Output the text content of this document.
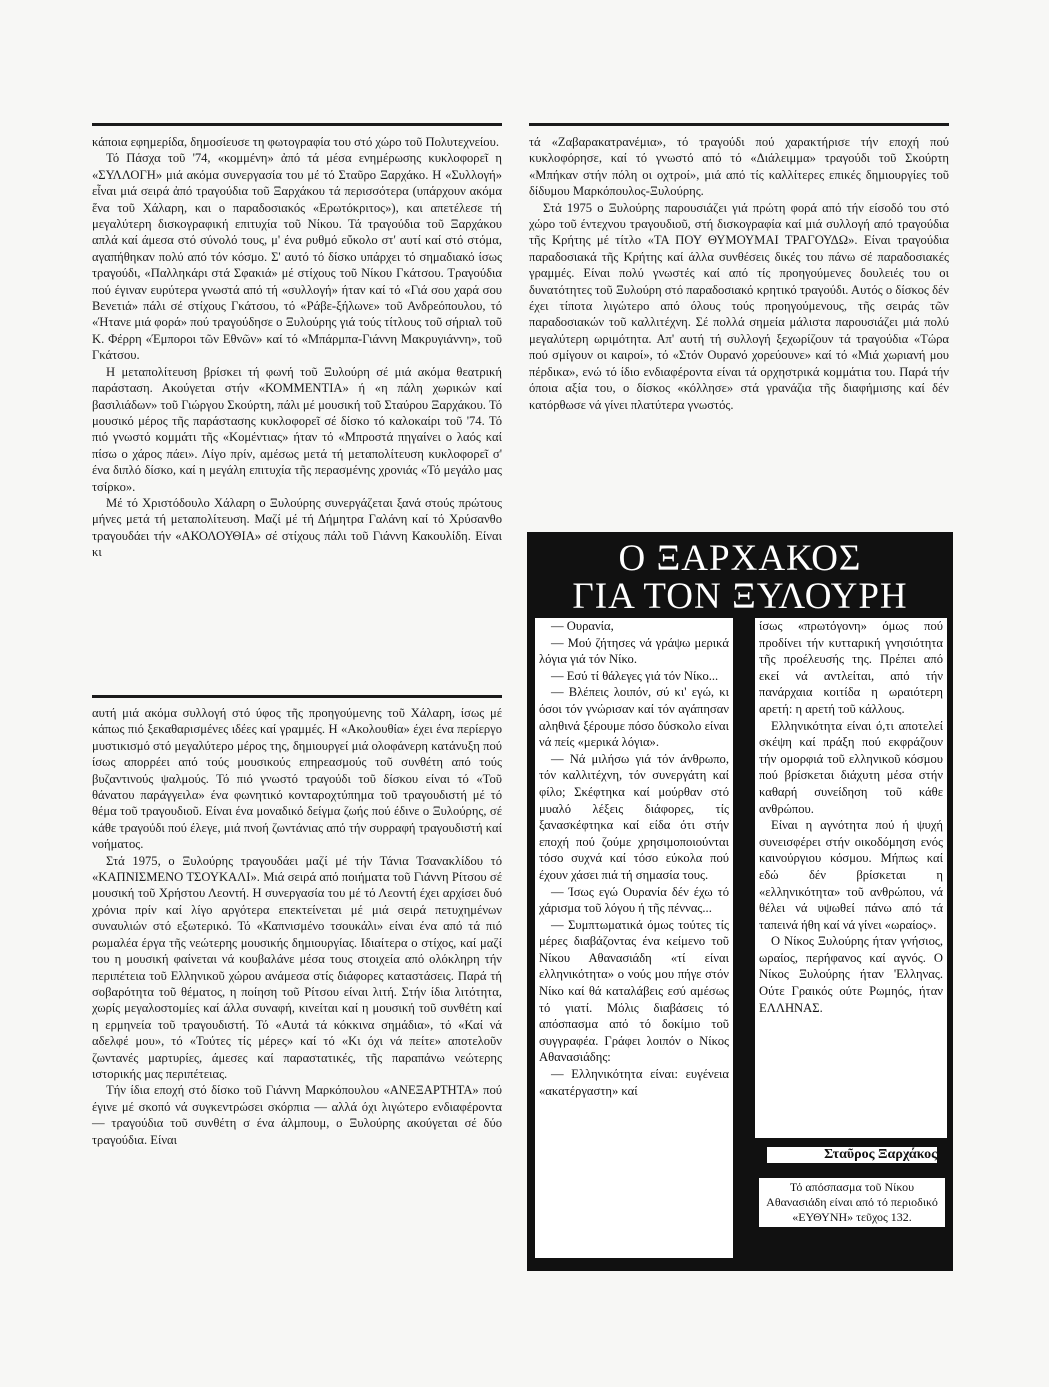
κάποια εφημερίδα, δημοσίευσε τη φωτογραφία του στό χώρο τοῦ Πολυτεχνείου.

Τό Πάσχα τοῦ '74, «κομμένη» ἀπό τά μέσα ενημέρωσης κυκλοφορεῖ η «ΣΥΛΛΟΓΗ» μιά ακόμα συνεργασία του μέ τό Σταῦρο Ξαρχάκο. Η «Συλλογή» εἶναι μιά σειρά ἀπό τραγούδια τοῦ Ξαρχάκου τά περισσότερα (υπάρχουν ακόμα ἕνα τοῦ Χάλαρη, και ο παραδοσιακός «Ερωτόκριτος»), και απετέλεσε τή μεγαλύτερη δισκογραφική επιτυχία τοῦ Νίκου. Τά τραγούδια τοῦ Ξαρχάκου απλά καί άμεσα στό σύνολό τους, μ' ένα ρυθμό εὔκολο στ' αυτί καί στό στόμα, αγαπήθηκαν πολύ από τόν κόσμο. Σ' αυτό τό δίσκο υπάρχει τό σημαδιακό ίσως τραγούδι, «Παλληκάρι στά Σφακιά» μέ στίχους τοῦ Νίκου Γκάτσου. Τραγούδια πού έγιναν ευρύτερα γνωστά από τή «συλλογή» ήταν καί τό «Γιά σου χαρά σου Βενετιά» πάλι σέ στίχους Γκάτσου, τό «Ράβε-ξήλωνε» τοῦ Ανδρεόπουλου, τό «Ήτανε μιά φορά» πού τραγούδησε ο Ξυλούρης γιά τούς τίτλους τοῦ σήριαλ τοῦ Κ. Φέρρη «Έμποροι τῶν Εθνῶν» καί τό «Μπάρμπα-Γιάννη Μακρυγιάννη», τοῦ Γκάτσου.

Η μεταπολίτευση βρίσκει τή φωνή τοῦ Ξυλούρη σέ μιά ακόμα θεατρική παράσταση. Ακούγεται στήν «ΚΟΜΜΕΝΤΙΑ» ή «η πάλη χωρικών καί βασιλιάδων» τοῦ Γιώργου Σκούρτη, πάλι μέ μουσική τοῦ Σταύρου Ξαρχάκου. Τό μουσικό μέρος τῆς παράστασης κυκλοφορεῖ σέ δίσκο τό καλοκαίρι τοῦ '74. Τό πιό γνωστό κομμάτι τῆς «Κομέντιας» ήταν τό «Μπροστά πηγαίνει ο λαός καί πίσω ο χάρος πάει». Λίγο πρίν, αμέσως μετά τή μεταπολίτευση κυκλοφορεῖ σ' ένα διπλό δίσκο, καί η μεγάλη επιτυχία τῆς περασμένης χρονιάς «Τό μεγάλο μας τσίρκο».

Μέ τό Χριστόδουλο Χάλαρη ο Ξυλούρης συνεργάζεται ξανά στούς πρώτους μήνες μετά τή μεταπολίτευση. Μαζί μέ τή Δήμητρα Γαλάνη καί τό Χρύσανθο τραγουδάει τήν «ΑΚΟΛΟΥΘΙΑ» σέ στίχους πάλι τοῦ Γιάννη Κακουλίδη. Είναι κι

αυτή μιά ακόμα συλλογή στό ύφος τῆς προηγούμενης τοῦ Χάλαρη, ίσως μέ κάπως πιό ξεκαθαρισμένες ιδέες καί γραμμές. Η «Ακολουθία» έχει ένα περίεργο μυστικισμό στό μεγαλύτερο μέρος της, δημιουργεί μιά ολοφάνερη κατάνυξη πού ίσως απορρέει από τούς μουσικούς επηρεασμούς τοῦ συνθέτη από τούς βυζαντινούς ψαλμούς. Τό πιό γνωστό τραγούδι τοῦ δίσκου είναι τό «Τοῦ θάνατου παράγγειλα» ένα φωνητικό κονταροχτύπημα τοῦ τραγουδιστή μέ τό θέμα τοῦ τραγουδιοῦ. Είναι ένα μοναδικό δείγμα ζωής πού έδινε ο Ξυλούρης, σέ κάθε τραγούδι πού έλεγε, μιά πνοή ζωντάνιας από τήν συρραφή τραγουδιστή καί νοήματος.

Στά 1975, ο Ξυλούρης τραγουδάει μαζί μέ τήν Τάνια Τσανακλίδου τό «ΚΑΠΝΙΣΜΕΝΟ ΤΣΟΥΚΑΛΙ». Μιά σειρά από ποιήματα τοῦ Γιάννη Ρίτσου σέ μουσική τοῦ Χρήστου Λεοντή. Η συνεργασία του μέ τό Λεοντή έχει αρχίσει δυό χρόνια πρίν καί λίγο αργότερα επεκτείνεται μέ μιά σειρά πετυχημένων συναυλιών στό εξωτερικό. Τό «Καπνισμένο τσουκάλι» είναι ένα από τά πιό ρωμαλέα έργα τῆς νεώτερης μουσικής δημιουργίας. Ιδιαίτερα ο στίχος, καί μαζί του η μουσική φαίνεται νά κουβαλάνε μέσα τους στοιχεία από ολόκληρη τήν περιπέτεια τοῦ Ελληνικοῦ χώρου ανάμεσα στίς διάφορες καταστάσεις. Παρά τή σοβαρότητα τοῦ θέματος, η ποίηση τοῦ Ρίτσου είναι λιτή. Στήν ίδια λιτότητα, χωρίς μεγαλοστομίες καί άλλα συναφή, κινείται καί η μουσική τοῦ συνθέτη καί η ερμηνεία τοῦ τραγουδιστή. Τό «Αυτά τά κόκκινα σημάδια», τό «Καί νά αδελφέ μου», τό «Τούτες τίς μέρες» καί τό «Κι όχι νά πείτε» αποτελοῦν ζωντανές μαρτυρίες, άμεσες καί παραστατικές, τῆς παραπάνω νεώτερης ιστορικής μας περιπέτειας.

Τήν ίδια εποχή στό δίσκο τοῦ Γιάννη Μαρκόπουλου «ΑΝΕΞΑΡΤΗΤΑ» πού έγινε μέ σκοπό νά συγκεντρώσει σκόρπια — αλλά όχι λιγώτερο ενδιαφέροντα — τραγούδια τοῦ συνθέτη σ ένα άλμπουμ, ο Ξυλούρης ακούγεται σέ δύο τραγούδια. Είναι

τά «Ζαβαρακατρανέμια», τό τραγούδι πού χαρακτήρισε τήν εποχή πού κυκλοφόρησε, καί τό γνωστό από τό «Διάλειμμα» τραγούδι τοῦ Σκούρτη «Μπήκαν στήν πόλη οι οχτροί», μιά από τίς καλλίτερες επικές δημιουργίες τοῦ δίδυμου Μαρκόπουλος-Ξυλούρης.

Στά 1975 ο Ξυλούρης παρουσιάζει γιά πρώτη φορά από τήν είσοδό του στό χώρο τοῦ έντεχνου τραγουδιοῦ, στή δισκογραφία καί μιά συλλογή από τραγούδια τῆς Κρήτης μέ τίτλο «ΤΑ ΠΟΥ ΘΥΜΟΥΜΑΙ ΤΡΑΓΟΥΔΩ». Είναι τραγούδια παραδοσιακά τῆς Κρήτης καί άλλα συνθέσεις δικές του πάνω σέ παραδοσιακές γραμμές. Είναι πολύ γνωστές καί από τίς προηγούμενες δουλειές του οι δυνατότητες τοῦ Ξυλούρη στό παραδοσιακό κρητικό τραγούδι. Αυτός ο δίσκος δέν έχει τίποτα λιγώτερο από όλους τούς προηγούμενους, τῆς σειράς τῶν παραδοσιακών τοῦ καλλιτέχνη. Σέ πολλά σημεία μάλιστα παρουσιάζει μιά πολύ μεγαλύτερη ωριμότητα. Απ' αυτή τή συλλογή ξεχωρίζουν τά τραγούδια «Τώρα πού σμίγουν οι καιροί», τό «Στόν Ουρανό χορεύουνε» καί τό «Μιά χωριανή μου πέρδικα», ενώ τό ίδιο ενδιαφέροντα είναι τά ορχηστρικά κομμάτια του. Παρά τήν όποια αξία του, ο δίσκος «κόλλησε» στά γρανάζια τῆς διαφήμισης καί δέν κατόρθωσε νά γίνει πλατύτερα γνωστός.

Ο ΞΑΡΧΑΚΟΣ
ΓΙΑ ΤΟΝ ΞΥΛΟΥΡΗ

— Ουρανία,

— Μού ζήτησες νά γράψω μερικά λόγια γιά τόν Νίκο.

— Εσύ τί θάλεγες γιά τόν Νίκο...

— Βλέπεις λοιπόν, σύ κι' εγώ, κι όσοι τόν γνώρισαν καί τόν αγάπησαν αληθινά ξέρουμε πόσο δύσκολο είναι νά πείς «μερικά λόγια».

— Νά μιλήσω γιά τόν άνθρωπο, τόν καλλιτέχνη, τόν συνεργάτη καί φίλο; Σκέφτηκα καί μούρθαν στό μυαλό λέξεις διάφορες, τίς ξανασκέφτηκα καί είδα ότι στήν εποχή πού ζούμε χρησιμοποιούνται τόσο συχνά καί τόσο εύκολα πού έχουν χάσει πιά τή σημασία τους.

— Ίσως εγώ Ουρανία δέν έχω τό χάρισμα τοῦ λόγου ή τῆς πέννας...

— Συμπτωματικά όμως τούτες τίς μέρες διαβάζοντας ένα κείμενο τοῦ Νίκου Αθανασιάδη «τί είναι ελληνικότητα» ο νούς μου πήγε στόν Νίκο καί θά καταλάβεις εσύ αμέσως τό γιατί. Μόλις διαβάσεις τό απόσπασμα από τό δοκίμιο τοῦ συγγραφέα. Γράφει λοιπόν ο Νίκος Αθανασιάδης:

— Ελληνικότητα είναι: ευγένεια «ακατέργαστη» καί

ίσως «πρωτόγονη» όμως πού προδίνει τήν κυτταρική γνησιότητα τῆς προέλευσής της. Πρέπει από εκεί νά αντλείται, από τήν πανάρχαια κοιτίδα η ωραιότερη αρετή: η αρετή τοῦ κάλλους.

Ελληνικότητα είναι ό,τι αποτελεί σκέψη καί πράξη πού εκφράζουν τήν ομορφιά τοῦ ελληνικοῦ κόσμου πού βρίσκεται διάχυτη μέσα στήν καθαρή συνείδηση τοῦ κάθε ανθρώπου.

Είναι η αγνότητα πού ή ψυχή συνεισφέρει στήν οικοδόμηση ενός καινούργιου κόσμου. Μήπως καί εδώ δέν βρίσκεται η «ελληνικότητα» τοῦ ανθρώπου, νά θέλει νά υψωθεί πάνω από τά ταπεινά ήθη καί νά γίνει «ωραίος».

Ο Νίκος Ξυλούρης ήταν γνήσιος, ωραίος, περήφανος καί αγνός. Ο Νίκος Ξυλούρης ήταν 'Ελληνας. Ούτε Γραικός ούτε Ρωμηός, ήταν ΕΛΛΗΝΑΣ.

Σταῦρος Ξαρχάκος
Τό απόσπασμα τοῦ Νίκου Αθανασιάδη είναι από τό περιοδικό «ΕΥΘΥΝΗ» τεῦχος 132.
